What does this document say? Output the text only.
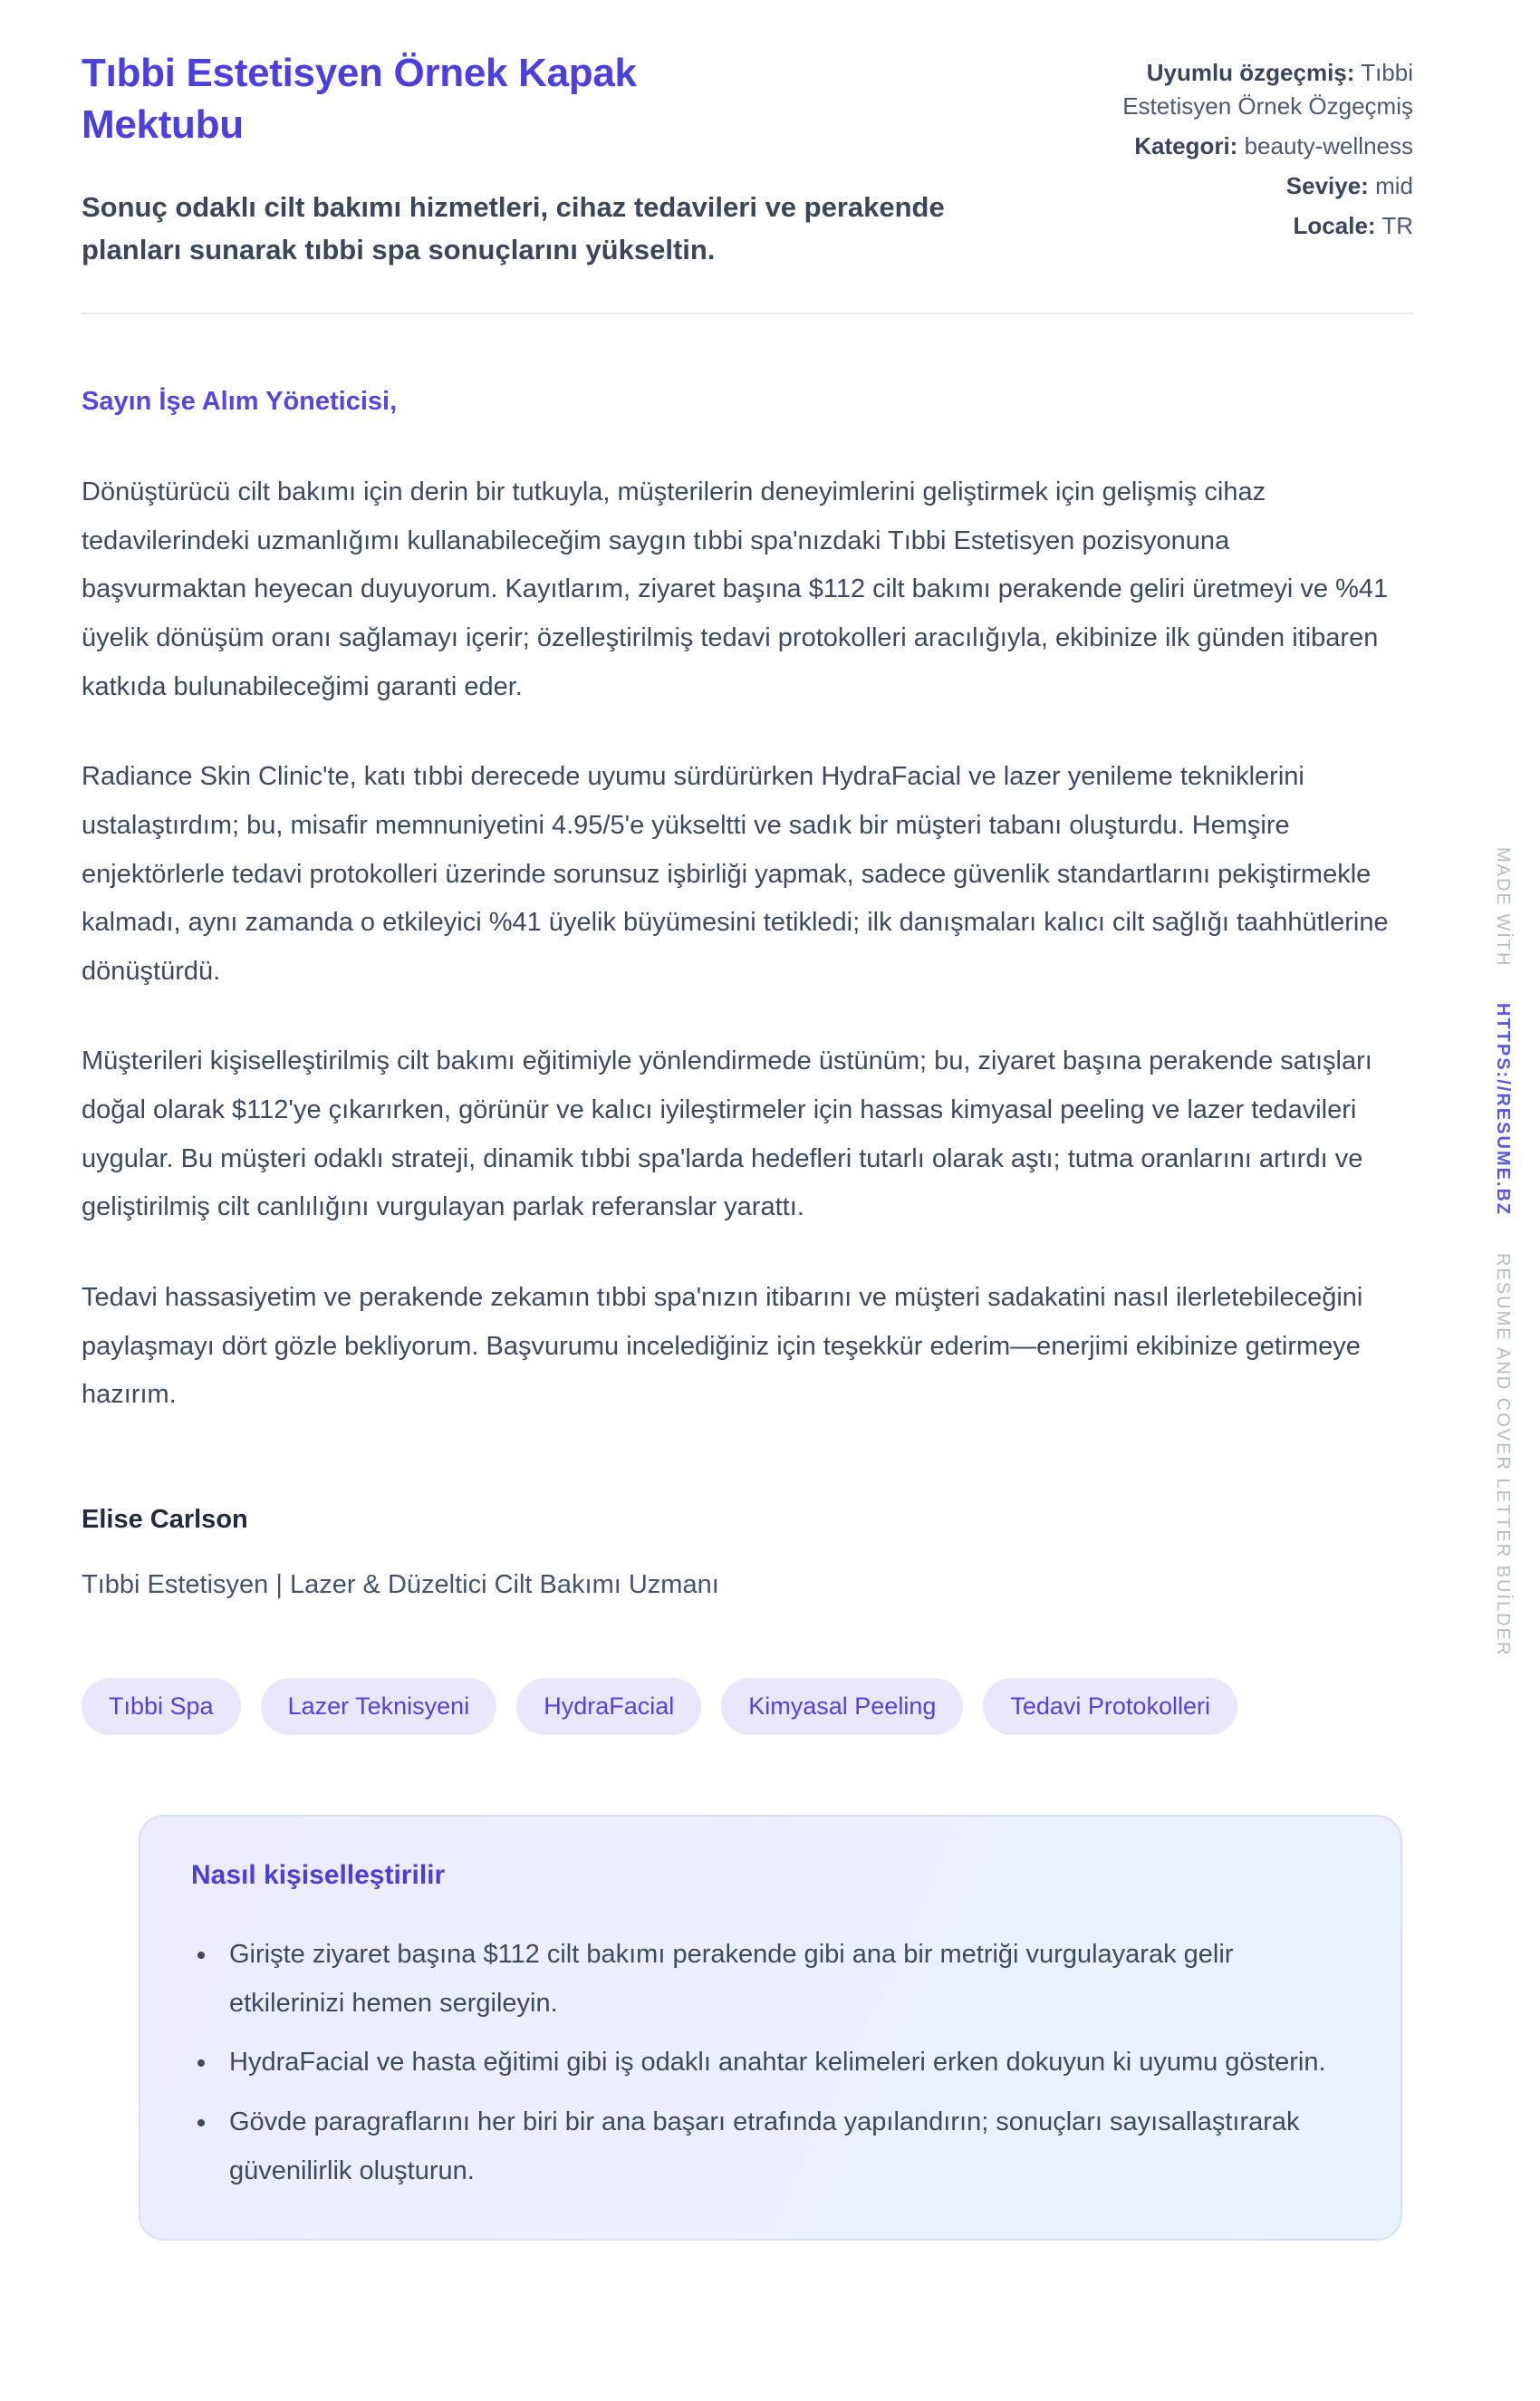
Tıbbi Estetisyen Örnek Kapak Mektubu
Sonuç odaklı cilt bakımı hizmetleri, cihaz tedavileri ve perakende planları sunarak tıbbi spa sonuçlarını yükseltin.
Uyumlu özgeçmiş: Tıbbi Estetisyen Örnek Özgeçmiş
Kategori: beauty-wellness
Seviye: mid
Locale: TR

Sayın İşe Alım Yöneticisi,

Dönüştürücü cilt bakımı için derin bir tutkuyla, müşterilerin deneyimlerini geliştirmek için gelişmiş cihaz tedavilerindeki uzmanlığımı kullanabileceğim saygın tıbbi spa'nızdaki Tıbbi Estetisyen pozisyonuna başvurmaktan heyecan duyuyorum. Kayıtlarım, ziyaret başına $112 cilt bakımı perakende geliri üretmeyi ve %41 üyelik dönüşüm oranı sağlamayı içerir; özelleştirilmiş tedavi protokolleri aracılığıyla, ekibinize ilk günden itibaren katkıda bulunabileceğimi garanti eder.

Radiance Skin Clinic'te, katı tıbbi derecede uyumu sürdürürken HydraFacial ve lazer yenileme tekniklerini ustalaştırdım; bu, misafir memnuniyetini 4.95/5'e yükseltti ve sadık bir müşteri tabanı oluşturdu. Hemşire enjektörlerle tedavi protokolleri üzerinde sorunsuz işbirliği yapmak, sadece güvenlik standartlarını pekiştirmekle kalmadı, aynı zamanda o etkileyici %41 üyelik büyümesini tetikledi; ilk danışmaları kalıcı cilt sağlığı taahhütlerine dönüştürdü.

Müşterileri kişiselleştirilmiş cilt bakımı eğitimiyle yönlendirmede üstünüm; bu, ziyaret başına perakende satışları doğal olarak $112'ye çıkarırken, görünür ve kalıcı iyileştirmeler için hassas kimyasal peeling ve lazer tedavileri uygular. Bu müşteri odaklı strateji, dinamik tıbbi spa'larda hedefleri tutarlı olarak aştı; tutma oranlarını artırdı ve geliştirilmiş cilt canlılığını vurgulayan parlak referanslar yarattı.

Tedavi hassasiyetim ve perakende zekamın tıbbi spa'nızın itibarını ve müşteri sadakatini nasıl ilerletebileceğini paylaşmayı dört gözle bekliyorum. Başvurumu incelediğiniz için teşekkür ederim—enerjimi ekibinize getirmeye hazırım.

Elise Carlson
Tıbbi Estetisyen | Lazer & Düzeltici Cilt Bakımı Uzmanı
Tıbbi Spa	Lazer Teknisyeni	HydraFacial	Kimyasal Peeling	Tedavi Protokolleri
Nasıl kişiselleştirilir
• Girişte ziyaret başına $112 cilt bakımı perakende gibi ana bir metriği vurgulayarak gelir etkilerinizi hemen sergileyin.
• HydraFacial ve hasta eğitimi gibi iş odaklı anahtar kelimeleri erken dokuyun ki uyumu gösterin.
• Gövde paragraflarını her biri bir ana başarı etrafında yapılandırın; sonuçları sayısallaştırarak güvenilirlik oluşturun.
MADE WİTH
HTTPS://RESUME.BZ
RESUME AND COVER LETTER BUİLDER
